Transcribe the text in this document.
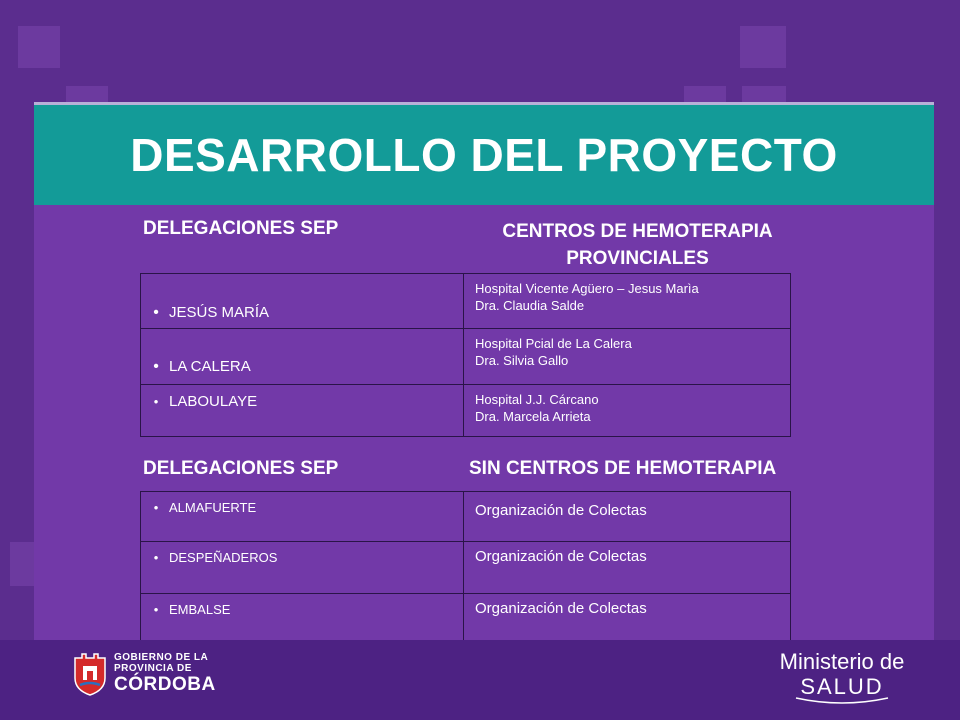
DESARROLLO DEL PROYECTO
DELEGACIONES SEP	CENTROS DE HEMOTERAPIA
PROVINCIALES
• JESÚS MARÍA	Hospital Vicente Agüero – Jesus Marìa
Dra. Claudia Salde

• LA CALERA	Hospital Pcial de La Calera
Dra. Silvia Gallo

• LABOULAYE	Hospital J.J. Cárcano
Dra. Marcela Arrieta
DELEGACIONES SEP	SIN CENTROS DE HEMOTERAPIA
• ALMAFUERTE	Organización de Colectas

• DESPEÑADEROS	Organización de Colectas

• EMBALSE	Organización de Colectas
GOBIERNO DE LA
PROVINCIA DE
CÓRDOBA
Ministerio de
SALUD
